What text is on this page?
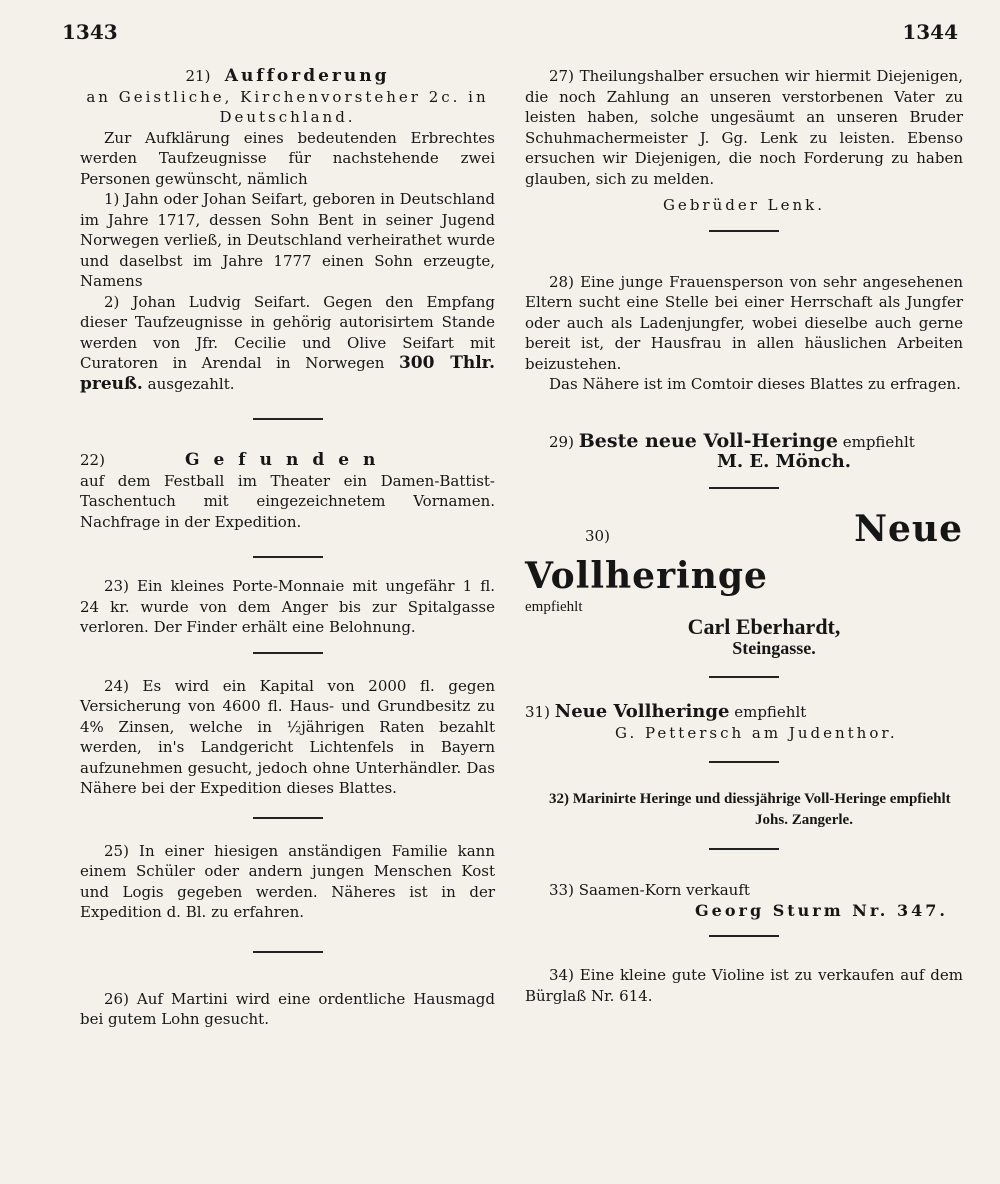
1343	1344

21) Aufforderung

an Geistliche, Kirchenvorsteher 2c. in

Deutschland.

Zur Aufklärung eines bedeutenden Erbrechtes werden Taufzeugnisse für nachstehende zwei Personen gewünscht, nämlich

1) Jahn oder Johan Seifart, geboren in Deutschland im Jahre 1717, dessen Sohn Bent in seiner Jugend Norwegen verließ, in Deutschland verheirathet wurde und daselbst im Jahre 1777 einen Sohn erzeugte, Namens

2) Johan Ludvig Seifart. Gegen den Empfang dieser Taufzeugnisse in gehörig autorisirtem Stande werden von Jfr. Cecilie und Olive Seifart mit Curatoren in Arendal in Norwegen 300 Thlr. preuß. ausgezahlt.

22)	Gefunden

auf dem Festball im Theater ein Damen-Battist-Taschentuch mit eingezeichnetem Vornamen. Nachfrage in der Expedition.

23) Ein kleines Porte-Monnaie mit ungefähr 1 fl. 24 kr. wurde von dem Anger bis zur Spitalgasse verloren. Der Finder erhält eine Belohnung.

24) Es wird ein Kapital von 2000 fl. gegen Versicherung von 4600 fl. Haus- und Grundbesitz zu 4% Zinsen, welche in ½jährigen Raten bezahlt werden, in's Landgericht Lichtenfels in Bayern aufzunehmen gesucht, jedoch ohne Unterhändler. Das Nähere bei der Expedition dieses Blattes.

25) In einer hiesigen anständigen Familie kann einem Schüler oder andern jungen Menschen Kost und Logis gegeben werden. Näheres ist in der Expedition d. Bl. zu erfahren.

26) Auf Martini wird eine ordentliche Hausmagd bei gutem Lohn gesucht.

27) Theilungshalber ersuchen wir hiermit Diejenigen, die noch Zahlung an unseren verstorbenen Vater zu leisten haben, solche ungesäumt an unseren Bruder Schuhmachermeister J. Gg. Lenk zu leisten. Ebenso ersuchen wir Diejenigen, die noch Forderung zu haben glauben, sich zu melden.

Gebrüder Lenk.

28) Eine junge Frauensperson von sehr angesehenen Eltern sucht eine Stelle bei einer Herrschaft als Jungfer oder auch als Ladenjungfer, wobei dieselbe auch gerne bereit ist, der Hausfrau in allen häuslichen Arbeiten beizustehen.

Das Nähere ist im Comtoir dieses Blattes zu erfragen.

29) Beste neue Voll-Heringe empfiehlt

M. E. Mönch.

30)	Neue Vollheringe

empfiehlt

Carl Eberhardt,

Steingasse.

31) Neue Vollheringe empfiehlt

G. Pettersch am Judenthor.

32) Marinirte Heringe und diessjährige Voll-Heringe empfiehlt

Johs. Zangerle.

33) Saamen-Korn verkauft

Georg Sturm Nr. 347.

34) Eine kleine gute Violine ist zu verkaufen auf dem Bürglaß Nr. 614.
